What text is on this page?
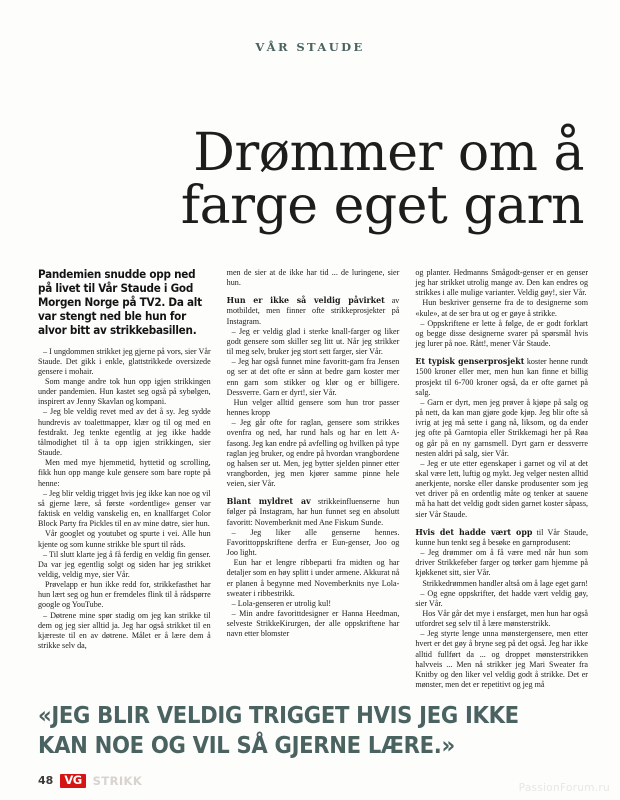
VÅR STAUDE
Drømmer om å
farge eget garn
Pandemien snudde opp ned på livet til Vår Staude i God Morgen Norge på TV2. Da alt var stengt ned ble hun for alvor bitt av strikkebasillen.

– I ungdommen strikket jeg gjerne på vors, sier Vår Staude. Det gikk i enkle, glattstrikkede oversizede gensere i mohair.

Som mange andre tok hun opp igjen strikkingen under pandemien. Hun kastet seg også på sybølgen, inspirert av Jenny Skavlan og kompani.

– Jeg ble veldig revet med av det å sy. Jeg sydde hundrevis av toalettmapper, klær og til og med en festdrakt. Jeg tenkte egentlig at jeg ikke hadde tålmodighet til å ta opp igjen strikkingen, sier Staude.

Men med mye hjemmetid, hyttetid og scrolling, fikk hun opp mange kule gensere som bare ropte på henne:

– Jeg blir veldig trigget hvis jeg ikke kan noe og vil så gjerne lære, så første «ordentlige» genser var faktisk en veldig vanskelig en, en knallfarget Color Block Party fra Pickles til en av mine døtre, sier hun.

Vår googlet og youtubet og spurte i vei. Alle hun kjente og som kunne strikke ble spurt til råds.

– Til slutt klarte jeg å få ferdig en veldig fin genser. Da var jeg egentlig solgt og siden har jeg strikket veldig, veldig mye, sier Vår.

Prøvelapp er hun ikke redd for, strikkefasthet har hun lært seg og hun er fremdeles flink til å rådspørre google og YouTube.

– Døtrene mine spør stadig om jeg kan strikke til dem og jeg sier alltid ja. Jeg har også strikket til en kjæreste til en av døtrene. Målet er å lære dem å strikke selv da,

men de sier at de ikke har tid ... de luringene, sier hun.

Hun er ikke så veldig påvirket av motbildet, men finner ofte strikkeprosjekter på Instagram.

– Jeg er veldig glad i sterke knall-farger og liker godt gensere som skiller seg litt ut. Når jeg strikker til meg selv, bruker jeg stort sett farger, sier Vår.

– Jeg har også funnet mine favoritt-garn fra Jensen og ser at det ofte er sånn at bedre garn koster mer enn garn som stikker og klør og er billigere. Dessverre. Garn er dyrt!, sier Vår.

Hun velger alltid gensere som hun tror passer hennes kropp

– Jeg går ofte for raglan, gensere som strikkes ovenfra og ned, har rund hals og har en lett A-fasong. Jeg kan endre på avfelling og hvilken på type raglan jeg bruker, og endre på hvordan vrangbordene og halsen ser ut. Men, jeg bytter sjelden pinner etter vrangborden, jeg men kjører samme pinne hele veien, sier Vår.

Blant myldret av strikkeinfluenserne hun følger på Instagram, har hun funnet seg en absolutt favoritt: Novemberknit med Ane Fiskum Sunde.

– Jeg liker alle genserne hennes. Favorittoppskriftene derfra er Eun-genser, Joo og Joo light.

Eun har et lengre ribbeparti fra midten og har detaljer som en høy splitt i under armene. Akkurat nå er planen å begynne med Novemberknits nye Lola-sweater i ribbestrikk.

– Lola-genseren er utrolig kul!

– Min andre favorittdesigner er Hanna Heedman, selveste StrikkeKirurgen, der alle oppskriftene har navn etter blomster

og planter. Hedmanns Smågodt-genser er en genser jeg har strikket utrolig mange av. Den kan endres og strikkes i alle mulige varianter. Veldig gøy!, sier Vår.

Hun beskriver genserne fra de to designerne som «kule», at de ser bra ut og er gøye å strikke.

– Oppskriftene er lette å følge, de er godt forklart og begge disse designerne svarer på spørsmål hvis jeg lurer på noe. Rått!, mener Vår Staude.

Et typisk genserprosjekt koster henne rundt 1500 kroner eller mer, men hun kan finne et billig prosjekt til 6-700 kroner også, da er ofte garnet på salg.

– Garn er dyrt, men jeg prøver å kjøpe på salg og på nett, da kan man gjøre gode kjøp. Jeg blir ofte så ivrig at jeg må sette i gang nå, liksom, og da ender jeg ofte på Garntopia eller Strikkemagi her på Røa og går på en ny garnsmell. Dyrt garn er dessverre nesten aldri på salg, sier Vår.

– Jeg er ute etter egenskaper i garnet og vil at det skal være lett, luftig og mykt. Jeg velger nesten alltid anerkjente, norske eller danske produsenter som jeg vet driver på en ordentlig måte og tenker at sauene må ha hatt det veldig godt siden garnet koster såpass, sier Vår Staude.

Hvis det hadde vært opp til Vår Staude, kunne hun tenkt seg å besøke en garnprodusent:

– Jeg drømmer om å få være med når hun som driver Strikkefeber farger og tørker garn hjemme på kjøkkenet sitt, sier Vår.

Strikkedrømmen handler altså om å lage eget garn!

– Og egne oppskrifter, det hadde vært veldig gøy, sier Vår.

Hos Vår går det mye i ensfarget, men hun har også utfordret seg selv til å lære mønsterstrikk.

– Jeg styrte lenge unna mønstergensere, men etter hvert er det gøy å bryne seg på det også. Jeg har ikke alltid fullført da ... og droppet mønsterstrikken halvveis ... Men nå strikker jeg Mari Sweater fra Knitby og den liker vel veldig godt å strikke. Det er mønster, men det er repetitivt og jeg må

«JEG BLIR VELDIG TRIGGET HVIS JEG IKKE
KAN NOE OG VIL SÅ GJERNE LÆRE.»
48 VG STRIKK
PassionForum.ru
